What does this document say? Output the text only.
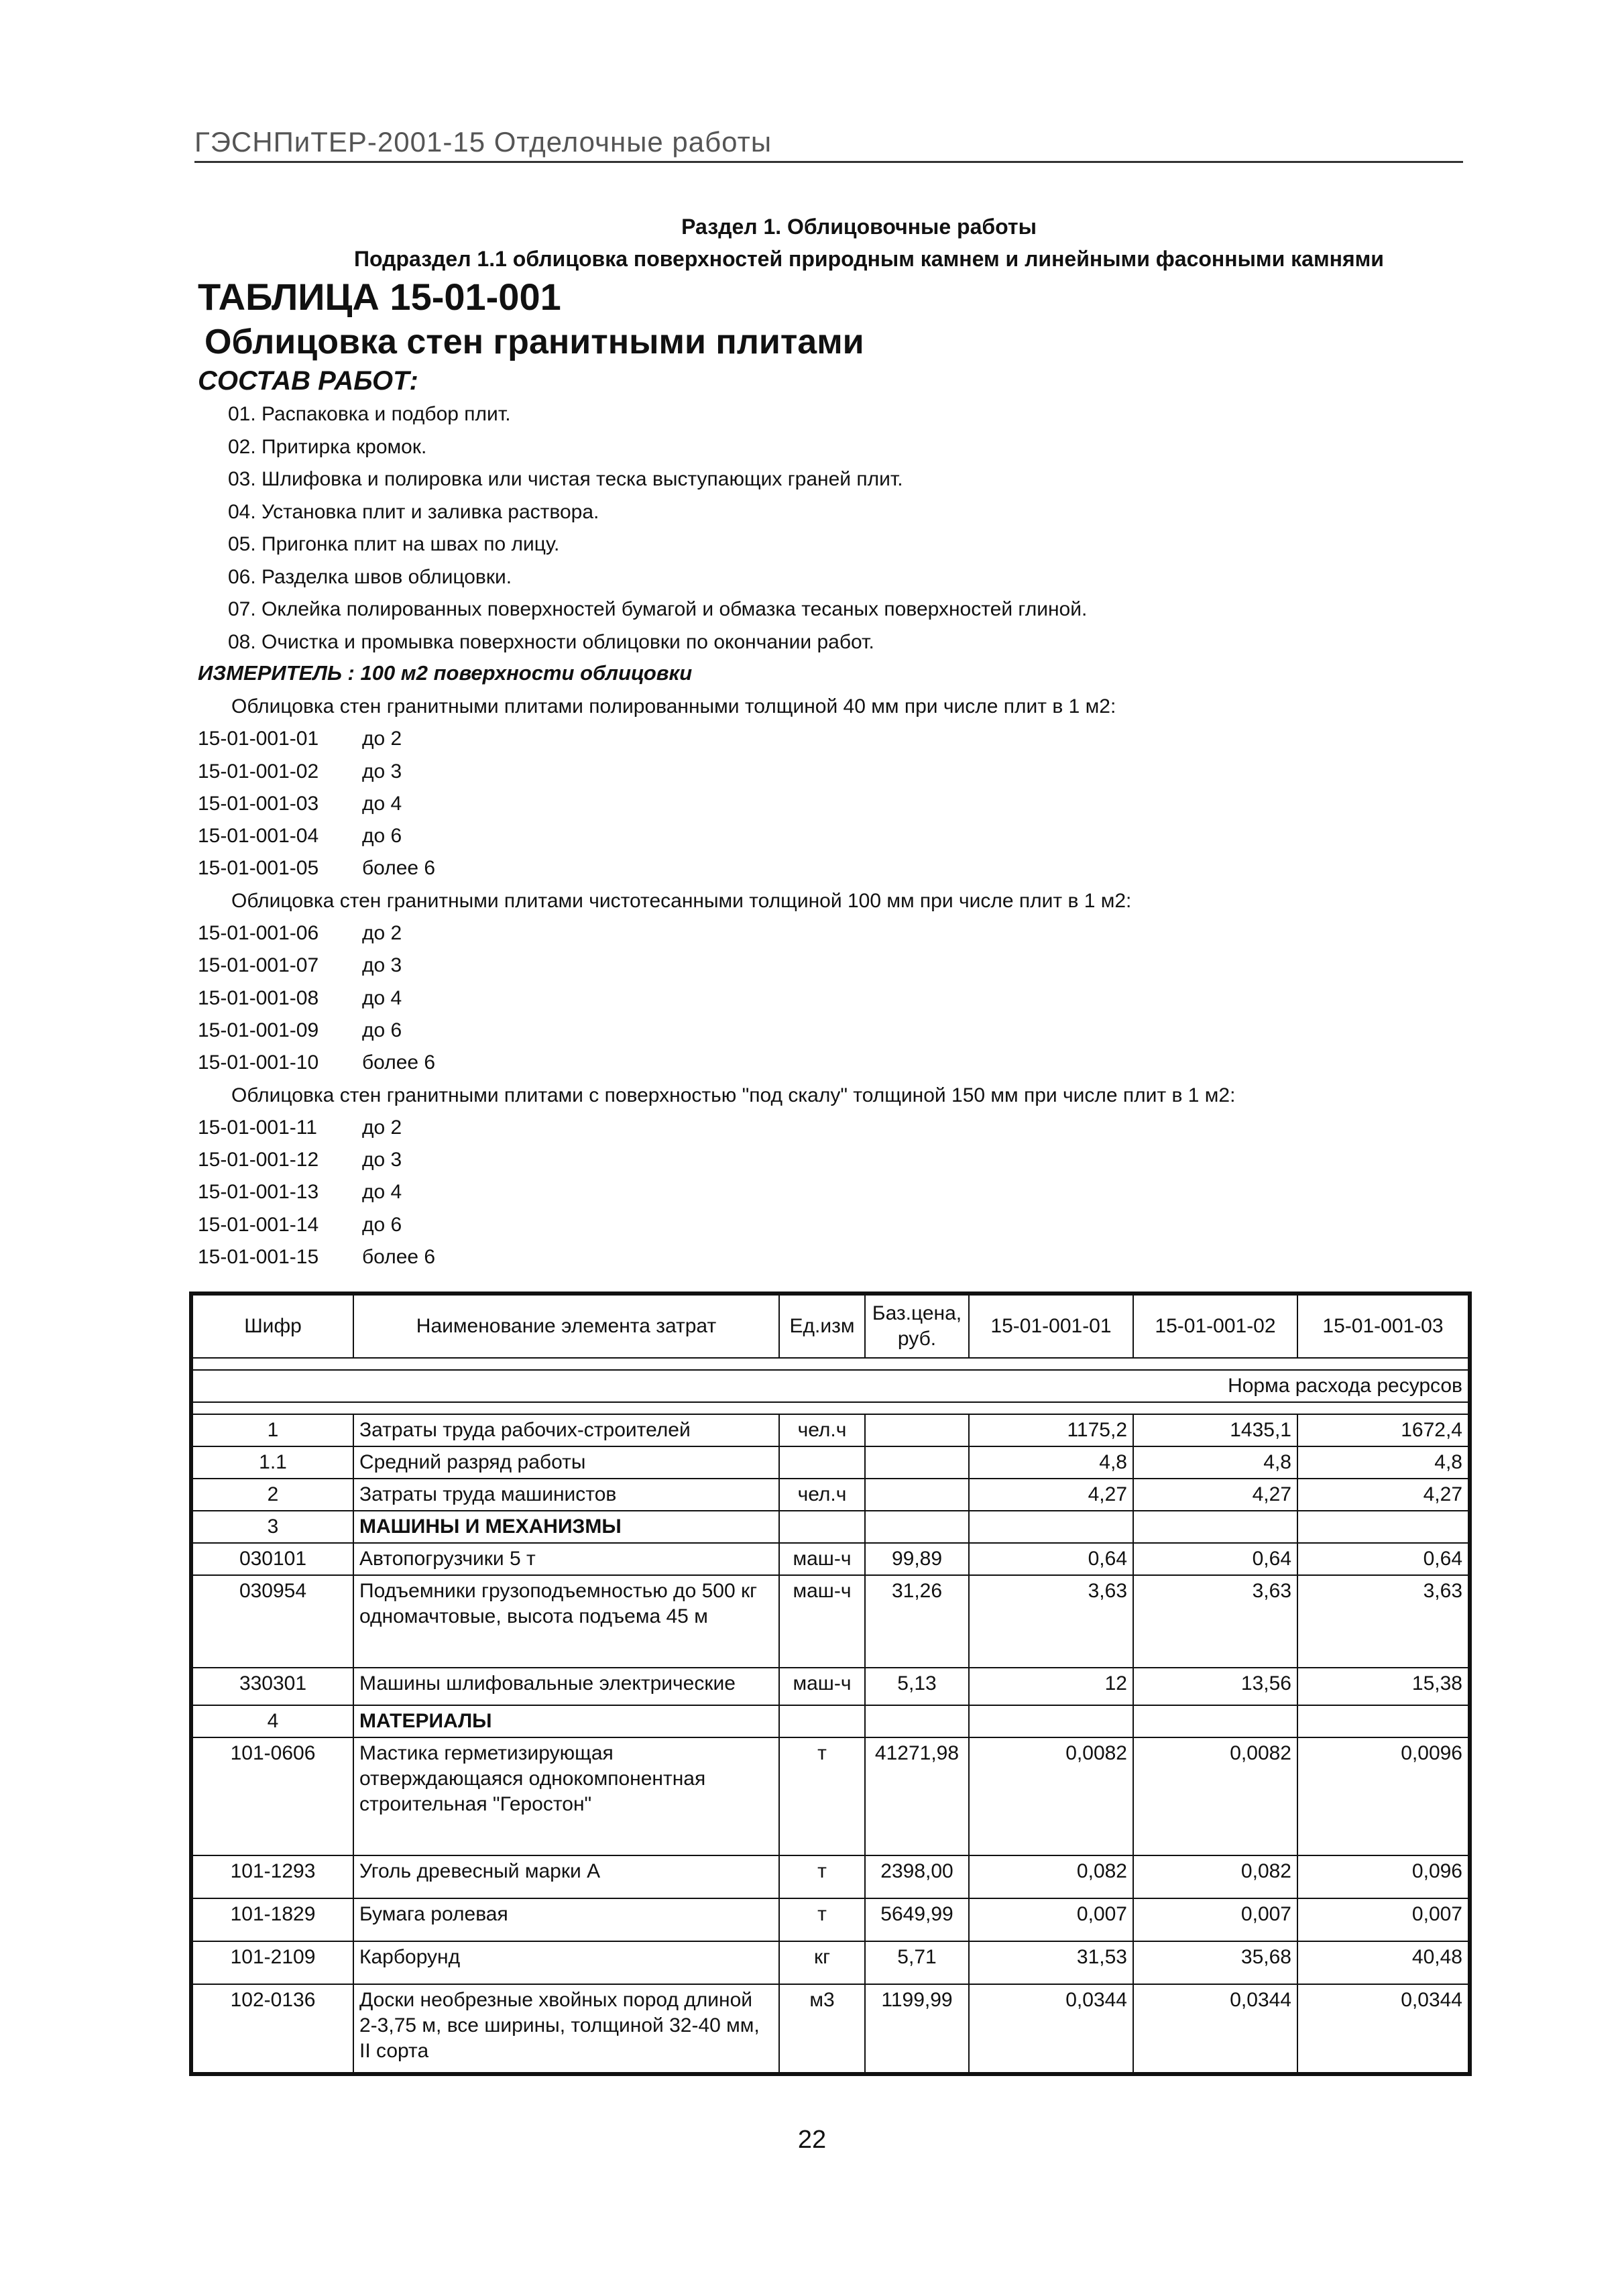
ГЭСНПиТЕР-2001-15 Отделочные работы
Раздел 1. Облицовочные работы
Подраздел 1.1 облицовка поверхностей природным камнем и линейными фасонными камнями
ТАБЛИЦА 15-01-001
Облицовка стен гранитными плитами
СОСТАВ РАБОТ:
01. Распаковка и подбор плит.
02. Притирка кромок.
03. Шлифовка и полировка или чистая теска выступающих граней плит.
04. Установка плит и заливка раствора.
05. Пригонка плит на швах по лицу.
06. Разделка швов облицовки.
07. Оклейка полированных поверхностей бумагой и обмазка тесаных поверхностей глиной.
08. Очистка и промывка поверхности облицовки по окончании работ.
ИЗМЕРИТЕЛЬ : 100 м2 поверхности облицовки
Облицовка стен гранитными плитами полированными толщиной 40 мм при числе плит в 1 м2:
15-01-001-01 до 2
15-01-001-02 до 3
15-01-001-03 до 4
15-01-001-04 до 6
15-01-001-05 более 6
Облицовка стен гранитными плитами чистотесанными толщиной 100 мм при числе плит в 1 м2:
15-01-001-06 до 2
15-01-001-07 до 3
15-01-001-08 до 4
15-01-001-09 до 6
15-01-001-10 более 6
Облицовка стен гранитными плитами с поверхностью "под скалу" толщиной 150 мм при числе плит в 1 м2:
15-01-001-11 до 2
15-01-001-12 до 3
15-01-001-13 до 4
15-01-001-14 до 6
15-01-001-15 более 6
Шифр	Наименование элемента затрат	Ед.изм	Баз.цена, руб.	15-01-001-01	15-01-001-02	15-01-001-03

Норма расхода ресурсов						

1	Затраты труда рабочих-строителей	чел.ч		1175,2	1435,1	1672,4
1.1	Средний разряд работы			4,8	4,8	4,8
2	Затраты труда машинистов	чел.ч		4,27	4,27	4,27
3	МАШИНЫ И МЕХАНИЗМЫ					
030101	Автопогрузчики 5 т	маш-ч	99,89	0,64	0,64	0,64
030954	Подъемники грузоподъемностью до 500 кг одномачтовые, высота подъема 45 м	маш-ч	31,26	3,63	3,63	3,63
330301	Машины шлифовальные электрические	маш-ч	5,13	12	13,56	15,38
4	МАТЕРИАЛЫ					
101-0606	Мастика герметизирующая отверждающаяся однокомпонентная строительная "Геростон"	т	41271,98	0,0082	0,0082	0,0096
101-1293	Уголь древесный марки А	т	2398,00	0,082	0,082	0,096
101-1829	Бумага ролевая	т	5649,99	0,007	0,007	0,007
101-2109	Карборунд	кг	5,71	31,53	35,68	40,48
102-0136	Доски необрезные хвойных пород длиной 2-3,75 м, все ширины, толщиной 32-40 мм, II сорта	м3	1199,99	0,0344	0,0344	0,0344
22
